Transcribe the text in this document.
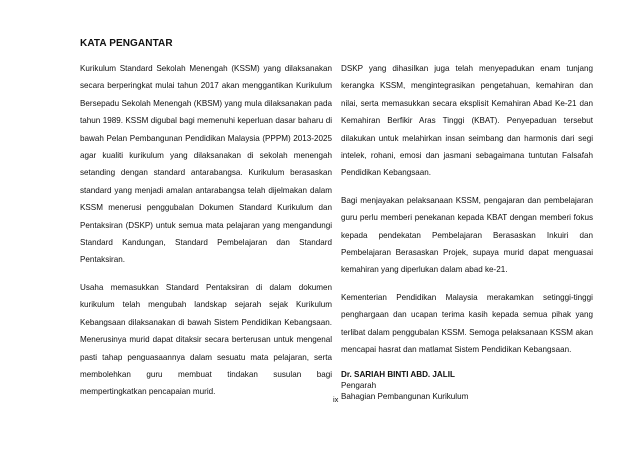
KATA PENGANTAR

Kurikulum Standard Sekolah Menengah (KSSM) yang dilaksanakan secara berperingkat mulai tahun 2017 akan menggantikan Kurikulum Bersepadu Sekolah Menengah (KBSM) yang mula dilaksanakan pada tahun 1989. KSSM digubal bagi memenuhi keperluan dasar baharu di bawah Pelan Pembangunan Pendidikan Malaysia (PPPM) 2013-2025 agar kualiti kurikulum yang dilaksanakan di sekolah menengah setanding dengan standard antarabangsa. Kurikulum berasaskan standard yang menjadi amalan antarabangsa telah dijelmakan dalam KSSM menerusi penggubalan Dokumen Standard Kurikulum dan Pentaksiran (DSKP) untuk semua mata pelajaran yang mengandungi Standard Kandungan, Standard Pembelajaran dan Standard Pentaksiran.

Usaha memasukkan Standard Pentaksiran di dalam dokumen kurikulum telah mengubah landskap sejarah sejak Kurikulum Kebangsaan dilaksanakan di bawah Sistem Pendidikan Kebangsaan. Menerusinya murid dapat ditaksir secara berterusan untuk mengenal pasti tahap penguasaannya dalam sesuatu mata pelajaran, serta membolehkan guru membuat tindakan susulan bagi mempertingkatkan pencapaian murid.

DSKP yang dihasilkan juga telah menyepadukan enam tunjang kerangka KSSM, mengintegrasikan pengetahuan, kemahiran dan nilai, serta memasukkan secara eksplisit Kemahiran Abad Ke-21 dan Kemahiran Berfikir Aras Tinggi (KBAT). Penyepaduan tersebut dilakukan untuk melahirkan insan seimbang dan harmonis dari segi intelek, rohani, emosi dan jasmani sebagaimana tuntutan Falsafah Pendidikan Kebangsaan.

Bagi menjayakan pelaksanaan KSSM, pengajaran dan pembelajaran guru perlu memberi penekanan kepada KBAT dengan memberi fokus kepada pendekatan Pembelajaran Berasaskan Inkuiri dan Pembelajaran Berasaskan Projek, supaya murid dapat menguasai kemahiran yang diperlukan dalam abad ke-21.

Kementerian Pendidikan Malaysia merakamkan setinggi-tinggi penghargaan dan ucapan terima kasih kepada semua pihak yang terlibat dalam penggubalan KSSM. Semoga pelaksanaan KSSM akan mencapai hasrat dan matlamat Sistem Pendidikan Kebangsaan.

Dr. SARIAH BINTI ABD. JALIL
Pengarah
Bahagian Pembangunan Kurikulum
ix
